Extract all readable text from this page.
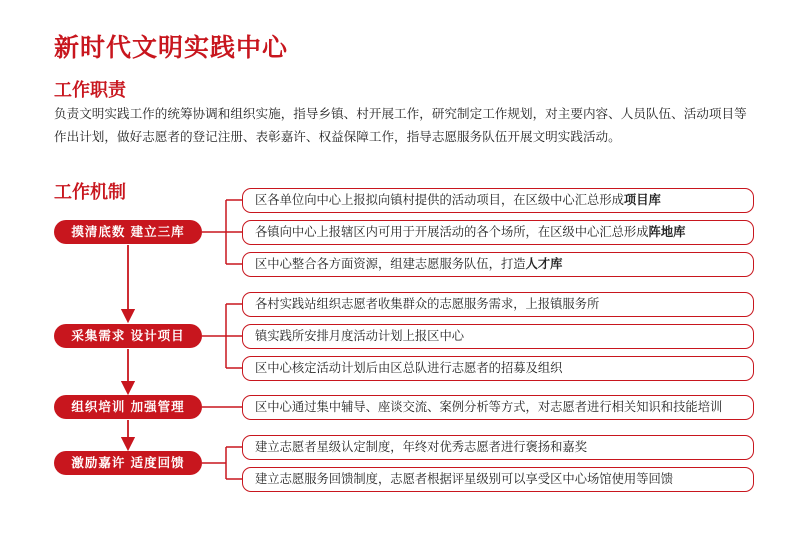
新时代文明实践中心
工作职责
负责文明实践工作的统筹协调和组织实施，指导乡镇、村开展工作，研究制定工作规划，对主要内容、人员队伍、活动项目等作出计划，做好志愿者的登记注册、表彰嘉许、权益保障工作，指导志愿服务队伍开展文明实践活动。
工作机制
摸清底数 建立三库
采集需求 设计项目
组织培训 加强管理
激励嘉许 适度回馈
区各单位向中心上报拟向镇村提供的活动项目，在区级中心汇总形成项目库
各镇向中心上报辖区内可用于开展活动的各个场所，在区级中心汇总形成阵地库
区中心整合各方面资源，组建志愿服务队伍，打造人才库
各村实践站组织志愿者收集群众的志愿服务需求，上报镇服务所
镇实践所安排月度活动计划上报区中心
区中心核定活动计划后由区总队进行志愿者的招募及组织
区中心通过集中辅导、座谈交流、案例分析等方式，对志愿者进行相关知识和技能培训
建立志愿者星级认定制度，年终对优秀志愿者进行褒扬和嘉奖
建立志愿服务回馈制度，志愿者根据评星级别可以享受区中心场馆使用等回馈
